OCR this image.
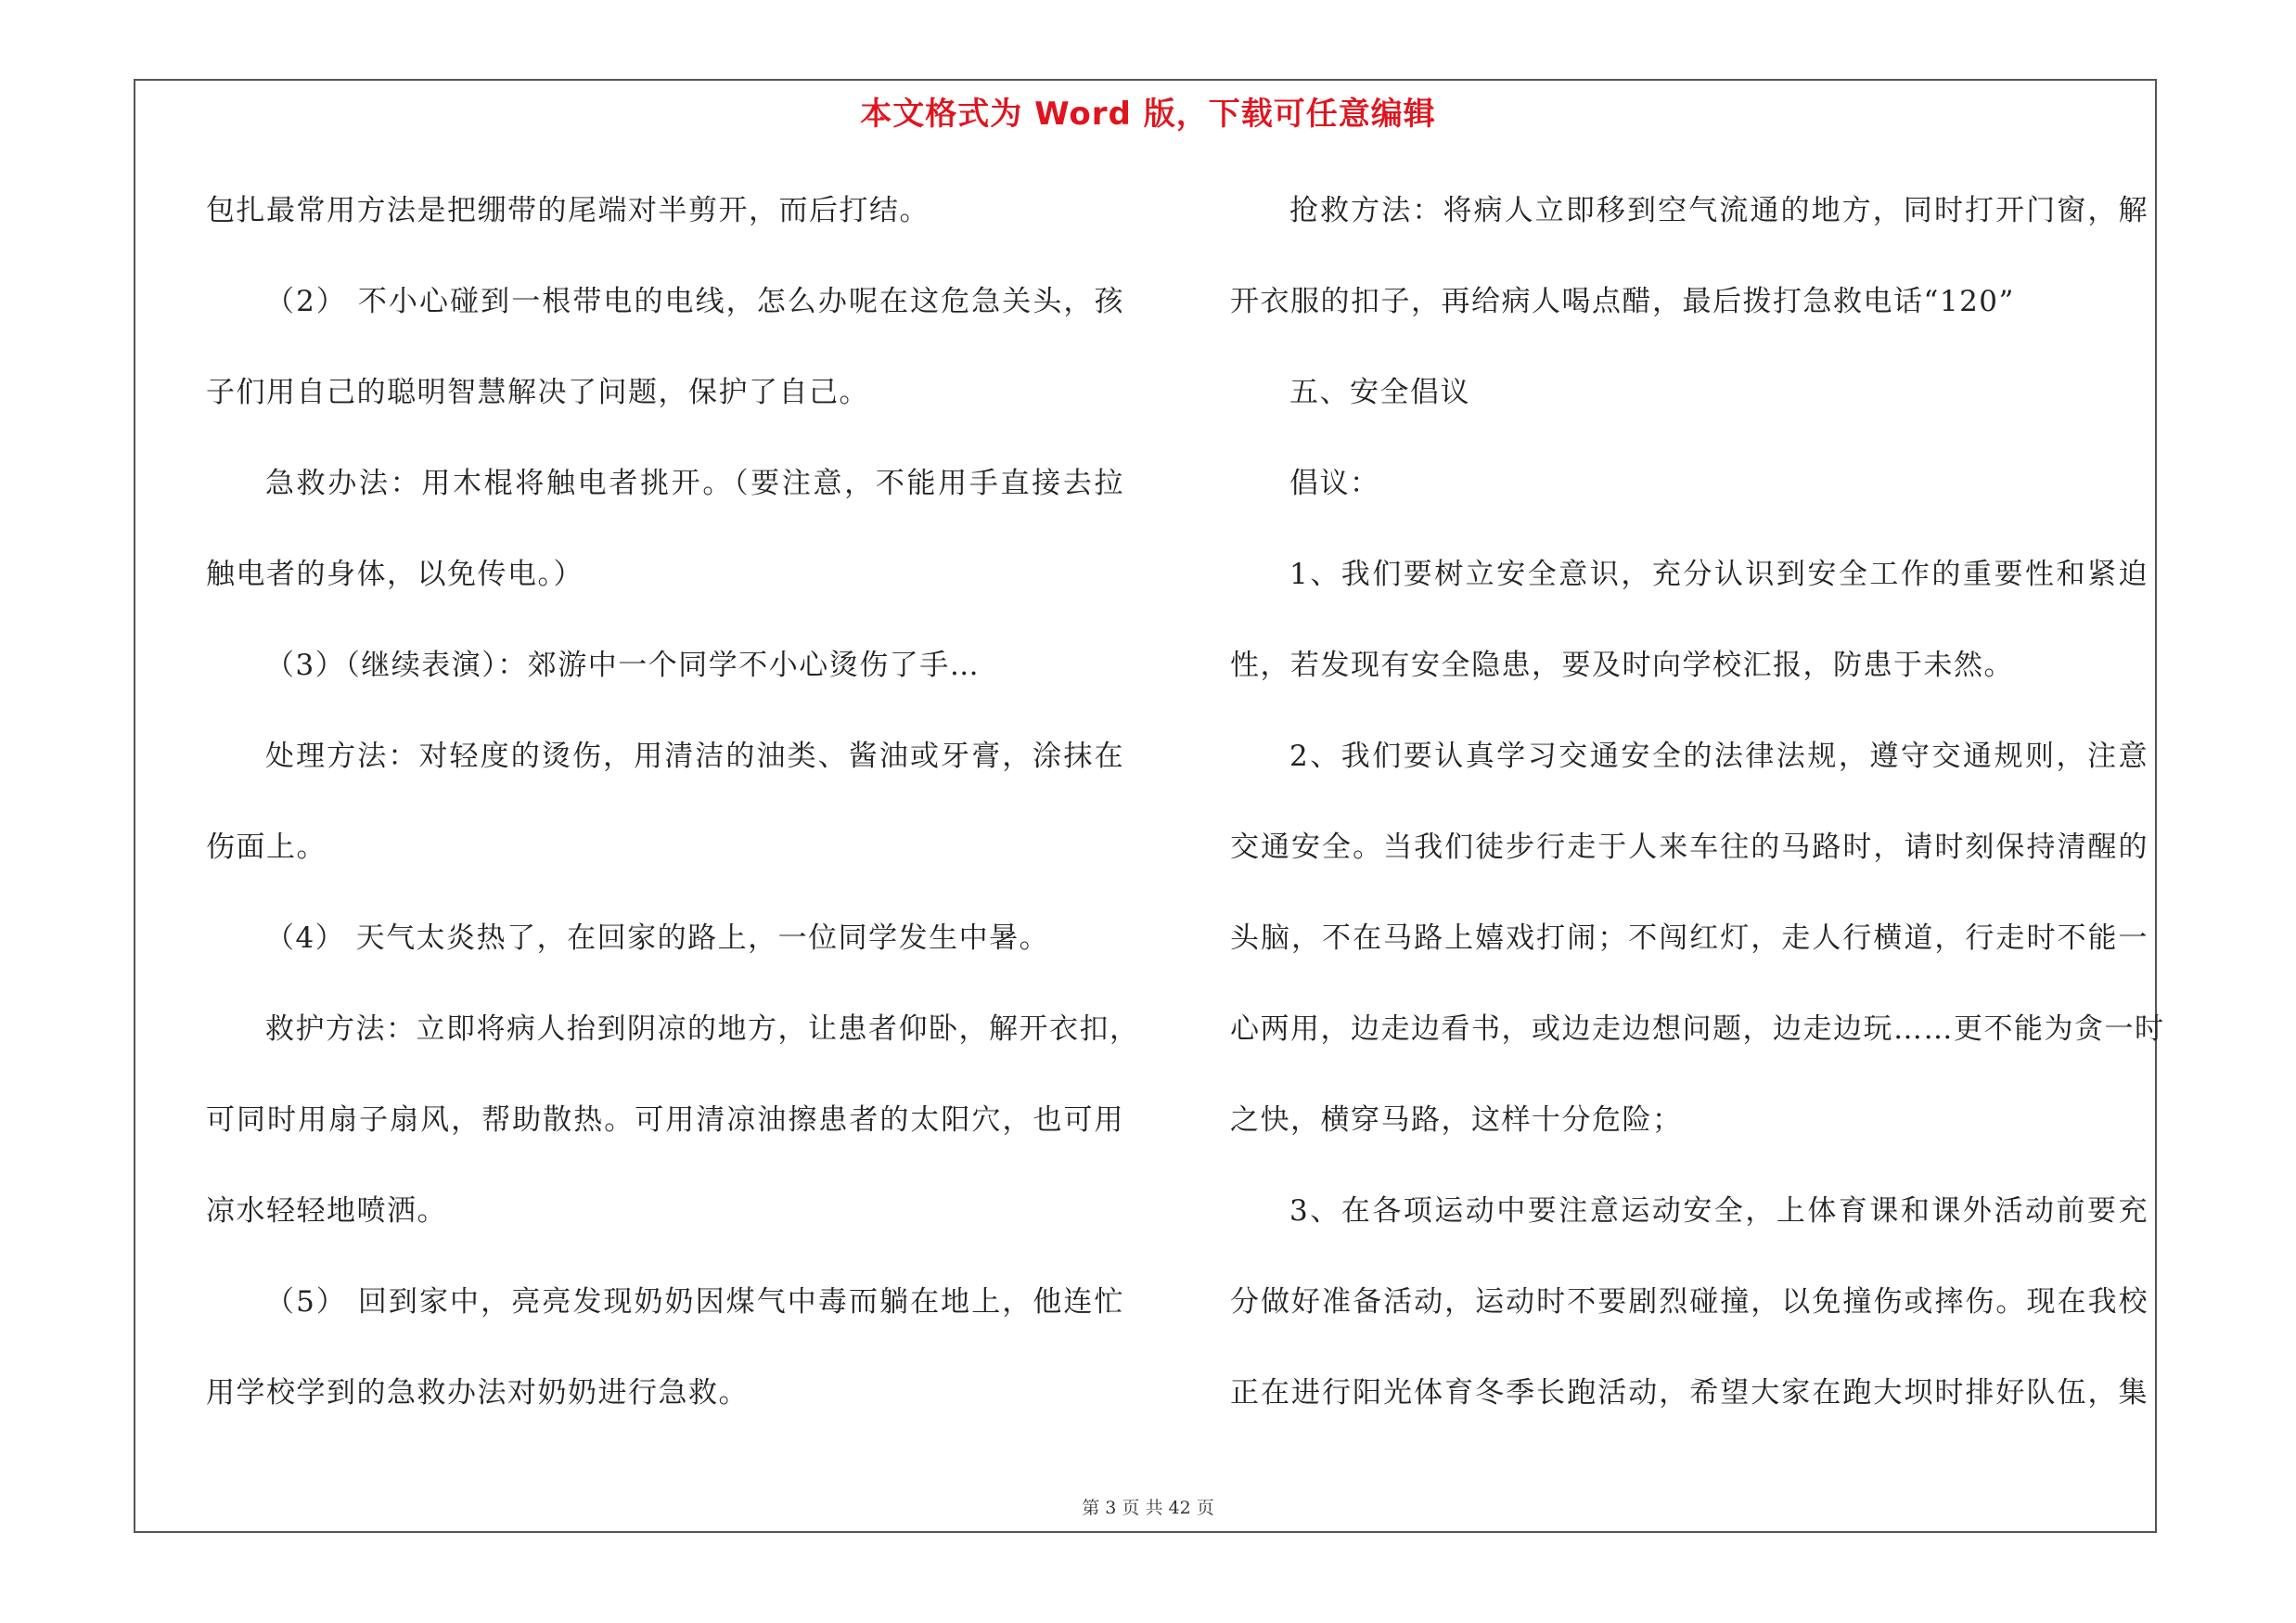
本文格式为 Word 版，下载可任意编辑
包扎最常用方法是把绷带的尾端对半剪开，而后打结。
（2） 不小心碰到一根带电的电线，怎么办呢在这危急关头，孩
子们用自己的聪明智慧解决了问题，保护了自己。
急救办法：用木棍将触电者挑开。（要注意，不能用手直接去拉
触电者的身体，以免传电。）
（3）（继续表演）：郊游中一个同学不小心烫伤了手…
处理方法：对轻度的烫伤，用清洁的油类、酱油或牙膏，涂抹在
伤面上。
（4） 天气太炎热了，在回家的路上，一位同学发生中暑。
救护方法：立即将病人抬到阴凉的地方，让患者仰卧，解开衣扣，
可同时用扇子扇风，帮助散热。可用清凉油擦患者的太阳穴，也可用
凉水轻轻地喷洒。
（5） 回到家中，亮亮发现奶奶因煤气中毒而躺在地上，他连忙
用学校学到的急救办法对奶奶进行急救。
抢救方法：将病人立即移到空气流通的地方，同时打开门窗，解
开衣服的扣子，再给病人喝点醋，最后拨打急救电话“120”
五、安全倡议
倡议：
1、我们要树立安全意识，充分认识到安全工作的重要性和紧迫
性，若发现有安全隐患，要及时向学校汇报，防患于未然。
2、我们要认真学习交通安全的法律法规，遵守交通规则，注意
交通安全。当我们徒步行走于人来车往的马路时，请时刻保持清醒的
头脑，不在马路上嬉戏打闹；不闯红灯，走人行横道，行走时不能一
心两用，边走边看书，或边走边想问题，边走边玩……更不能为贪一时
之快，横穿马路，这样十分危险；
3、在各项运动中要注意运动安全，上体育课和课外活动前要充
分做好准备活动，运动时不要剧烈碰撞，以免撞伤或摔伤。现在我校
正在进行阳光体育冬季长跑活动，希望大家在跑大坝时排好队伍，集
第 3 页 共 42 页
